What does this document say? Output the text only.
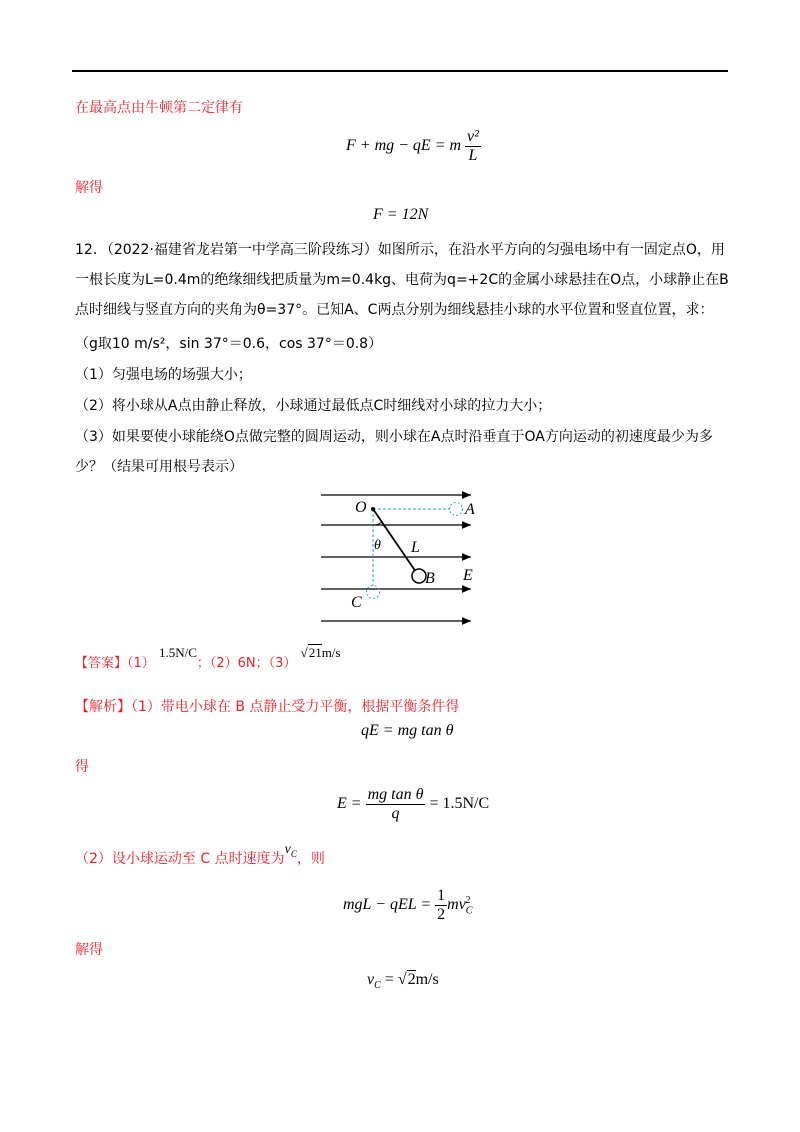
在最高点由牛顿第二定律有
F + mg − qE = m $\frac{\text{v²}}{L}$
解得
F = 12N
12．（2022·福建省龙岩第一中学高三阶段练习）如图所示，在沿水平方向的匀强电场中有一固定点O，用
一根长度为L=0.4m的绝缘细线把质量为m=0.4kg、电荷为q=+2C的金属小球悬挂在O点，小球静止在B
点时细线与竖直方向的夹角为θ=37°。已知A、C两点分别为细线悬挂小球的水平位置和竖直位置，求：
（g取10 m/s²，sin 37°＝0.6，cos 37°＝0.8）
（1）匀强电场的场强大小；
（2）将小球从A点由静止释放，小球通过最低点C时细线对小球的拉力大小；
（3）如果要使小球能绕O点做完整的圆周运动，则小球在A点时沿垂直于OA方向运动的初速度最少为多
少？（结果可用根号表示）
O	A
B
C
L
E
θ
【答案】（1） 1.5N/C；（2）6N；（3） √21m/s
【解析】（1）带电小球在 B 点静止受力平衡，根据平衡条件得
qE = mg tan θ
得
$E = \frac{\text{mg tan θ}}{q} = 1.5N/C$
（2）设小球运动至 C 点时速度为$v_C$，则
mgL − qEL = $\frac{1}{2} mv_C^2$
解得
$v_C = √2m/s$
